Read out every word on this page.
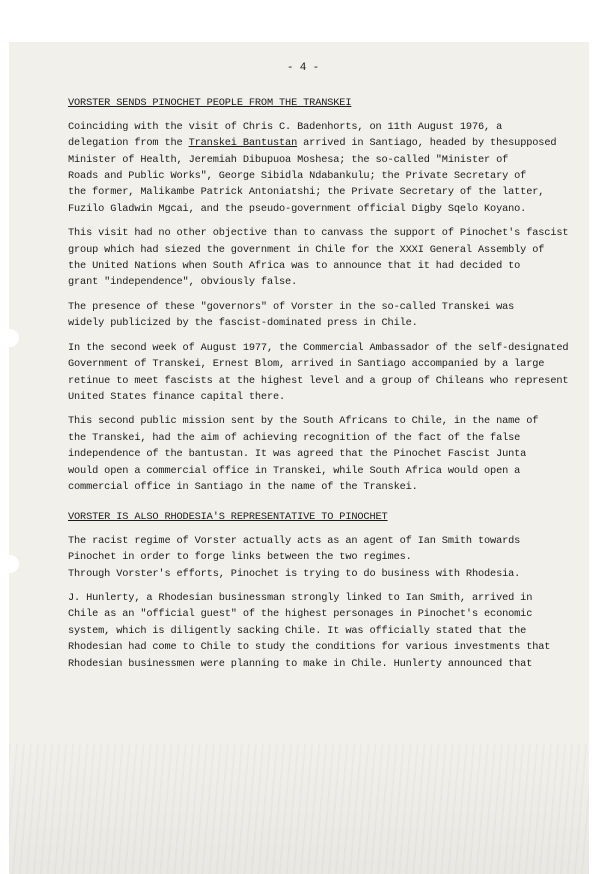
- 4 -
VORSTER SENDS PINOCHET PEOPLE FROM THE TRANSKEI
Coinciding with the visit of Chris C. Badenhorts, on 11th August 1976, a
delegation from the Transkei Bantustan arrived in Santiago, headed by thesupposed
Minister of Health, Jeremiah Dibupuoa Moshesa; the so-called "Minister of
Roads and Public Works", George Sibidla Ndabankulu; the Private Secretary of
the former, Malikambe Patrick Antoniatshi; the Private Secretary of the latter,
Fuzilo Gladwin Mgcai, and the pseudo-government official Digby Sqelo Koyano.
This visit had no other objective than to canvass the support of Pinochet's fascist
group which had siezed the government in Chile for the XXXI General Assembly of
the United Nations when South Africa was to announce that it had decided to
grant "independence", obviously false.
The presence of these "governors" of Vorster in the so-called Transkei was
widely publicized by the fascist-dominated press in Chile.
In the second week of August 1977, the Commercial Ambassador of the self-designated
Government of Transkei, Ernest Blom, arrived in Santiago accompanied by a large
retinue to meet fascists at the highest level and a group of Chileans who represent
United States finance capital there.
This second public mission sent by the South Africans to Chile, in the name of
the Transkei, had the aim of achieving recognition of the fact of the false
independence of the bantustan. It was agreed that the Pinochet Fascist Junta
would open a commercial office in Transkei, while South Africa would open a
commercial office in Santiago in the name of the Transkei.
VORSTER IS ALSO RHODESIA'S REPRESENTATIVE TO PINOCHET
The racist regime of Vorster actually acts as an agent of Ian Smith towards
Pinochet in order to forge links between the two regimes.
Through Vorster's efforts, Pinochet is trying to do business with Rhodesia.
J. Hunlerty, a Rhodesian businessman strongly linked to Ian Smith, arrived in
Chile as an "official guest" of the highest personages in Pinochet's economic
system, which is diligently sacking Chile. It was officially stated that the
Rhodesian had come to Chile to study the conditions for various investments that
Rhodesian businessmen were planning to make in Chile. Hunlerty announced that
